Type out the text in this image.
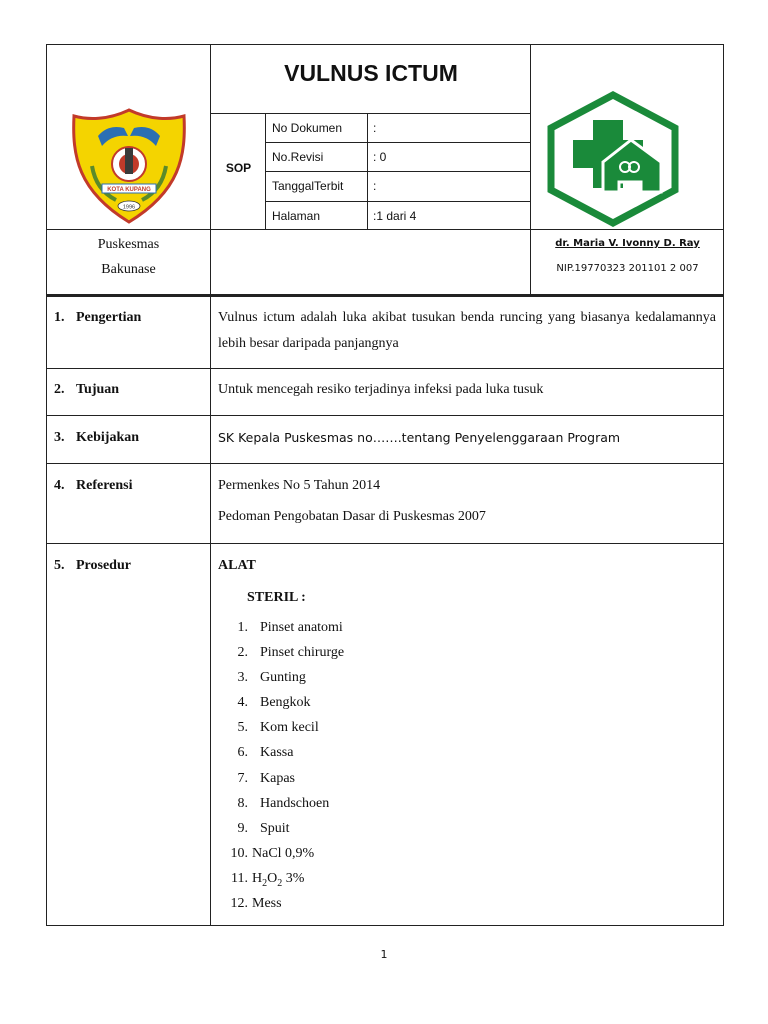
VULNUS ICTUM
SOP
No Dokumen	:
No.Revisi	: 0
TanggalTerbit :
Halaman	:1 dari 4
KOTA KUPANG
1996
Puskesmas
Bakunase
dr. Maria V. Ivonny D. Ray
NIP.19770323 201101 2 007
1. Pengertian	Vulnus ictum adalah luka akibat tusukan benda runcing yang biasanya kedalamannya lebih besar daripada panjangnya
2. Tujuan	Untuk mencegah resiko terjadinya infeksi pada luka tusuk
3. Kebijakan	SK Kepala Puskesmas no…….tentang Penyelenggaraan Program
4. Referensi	Permenkes No 5 Tahun 2014
Pedoman Pengobatan Dasar di Puskesmas 2007
5. Prosedur	ALAT
STERIL :
1. Pinset anatomi
2. Pinset chirurge
3. Gunting
4. Bengkok
5. Kom kecil
6. Kassa
7. Kapas
8. Handschoen
9. Spuit
10. NaCl 0,9%
11. $H_2O_2$ 3%
12. Mess
1
